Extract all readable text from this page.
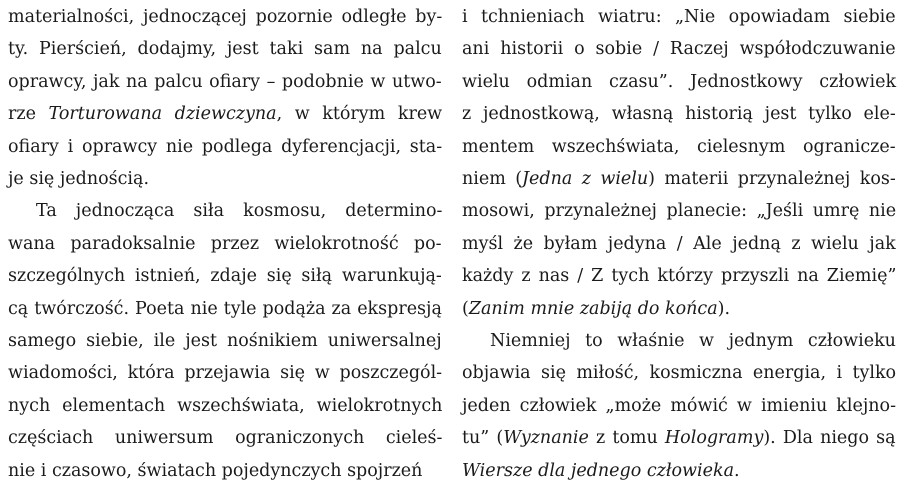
materialności, jednoczącej pozornie odległe by-
ty. Pierścień, dodajmy, jest taki sam na palcu
oprawcy, jak na palcu ofiary – podobnie w utwo-
rze Torturowana dziewczyna, w którym krew
ofiary i oprawcy nie podlega dyferencjacji, sta-
je się jednością.
Ta jednocząca siła kosmosu, determino-
wana paradoksalnie przez wielokrotność po-
szczególnych istnień, zdaje się siłą warunkują-
cą twórczość. Poeta nie tyle podąża za ekspresją
samego siebie, ile jest nośnikiem uniwersalnej
wiadomości, która przejawia się w poszczegól-
nych elementach wszechświata, wielokrotnych
częściach uniwersum ograniczonych cieleś-
nie i czasowo, światach pojedynczych spojrzeń
i tchnieniach wiatru: „Nie opowiadam siebie
ani historii o sobie / Raczej współodczuwanie
wielu odmian czasu”. Jednostkowy człowiek
z jednostkową, własną historią jest tylko ele-
mentem wszechświata, cielesnym ogranicze-
niem (Jedna z wielu) materii przynależnej kos-
mosowi, przynależnej planecie: „Jeśli umrę nie
myśl że byłam jedyna / Ale jedną z wielu jak
każdy z nas / Z tych którzy przyszli na Ziemię”
(Zanim mnie zabiją do końca).
Niemniej to właśnie w jednym człowieku
objawia się miłość, kosmiczna energia, i tylko
jeden człowiek „może mówić w imieniu klejno-
tu” (Wyznanie z tomu Hologramy). Dla niego są
Wiersze dla jednego człowieka.
